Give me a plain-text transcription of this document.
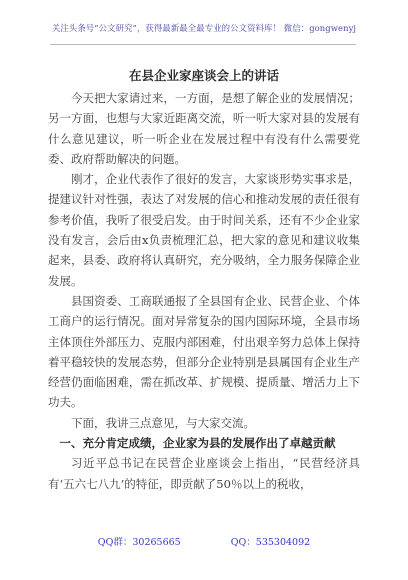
关注头条号“公文研究”，获得最新最全最专业的公文资料库！ 微信：gongwenyj
在县企业家座谈会上的讲话

今天把大家请过来，一方面，是想了解企业的发展情况；另一方面，也想与大家近距离交流，听一听大家对县的发展有什么意见建议，听一听企业在发展过程中有没有什么需要党委、政府帮助解决的问题。

刚才，企业代表作了很好的发言，大家谈形势实事求是，提建议针对性强，表达了对发展的信心和推动发展的责任很有参考价值，我听了很受启发。由于时间关系，还有不少企业家没有发言，会后由x负责梳理汇总，把大家的意见和建议收集起来，县委、政府将认真研究，充分吸纳，全力服务保障企业发展。

县国资委、工商联通报了全县国有企业、民营企业、个体工商户的运行情况。面对异常复杂的国内国际环境，全县市场主体顶住外部压力、克服内部困难，付出艰辛努力总体上保持着平稳较快的发展态势，但部分企业特别是县属国有企业生产经营仍面临困难，需在抓改革、扩规模、提质量、增活力上下功夫。

下面，我讲三点意见，与大家交流。

一、充分肯定成绩，企业家为县的发展作出了卓越贡献

习近平总书记在民营企业座谈会上指出，“民营经济具有‘五六七八九’的特征，即贡献了50％以上的税收，

QQ群：30265665	QQ：535304092
